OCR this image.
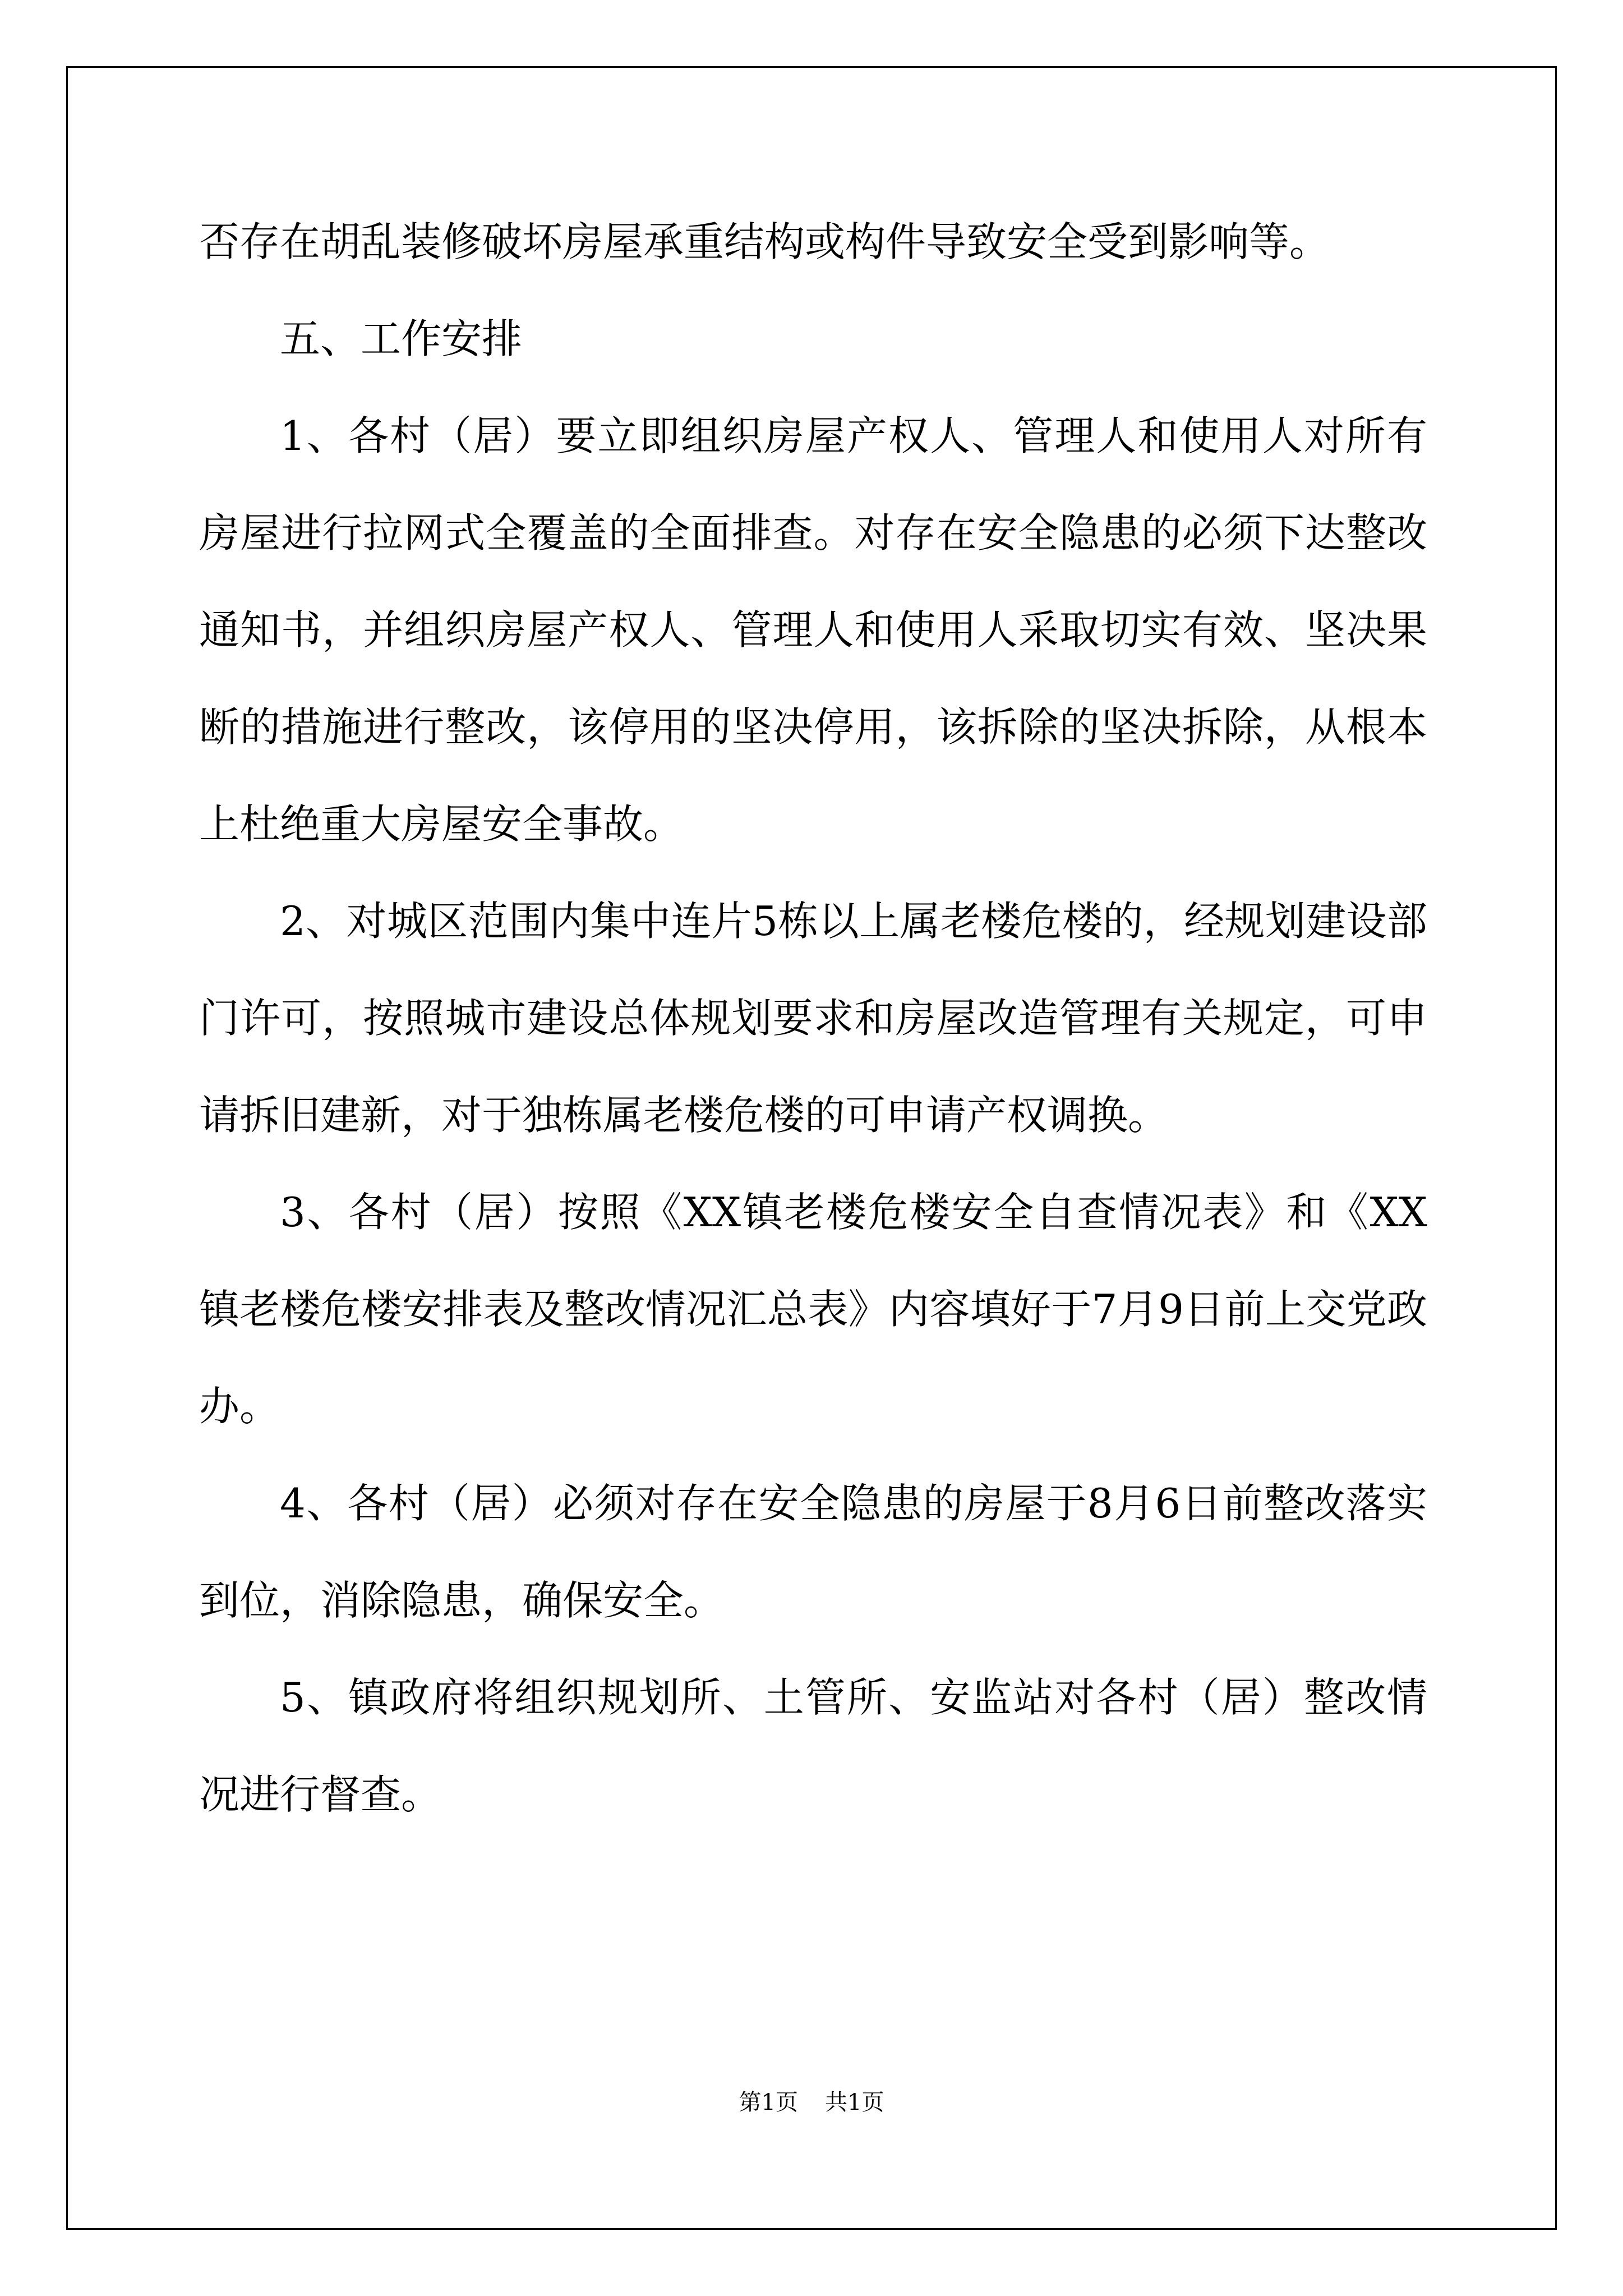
否存在胡乱装修破坏房屋承重结构或构件导致安全受到影响等。

五、工作安排

1、各村（居）要立即组织房屋产权人、管理人和使用人对所有房屋进行拉网式全覆盖的全面排查。对存在安全隐患的必须下达整改通知书，并组织房屋产权人、管理人和使用人采取切实有效、坚决果断的措施进行整改，该停用的坚决停用，该拆除的坚决拆除，从根本上杜绝重大房屋安全事故。

2、对城区范围内集中连片5栋以上属老楼危楼的，经规划建设部门许可，按照城市建设总体规划要求和房屋改造管理有关规定，可申请拆旧建新，对于独栋属老楼危楼的可申请产权调换。

3、各村（居）按照《XX镇老楼危楼安全自查情况表》和《XX镇老楼危楼安排表及整改情况汇总表》内容填好于7月9日前上交党政办。

4、各村（居）必须对存在安全隐患的房屋于8月6日前整改落实到位，消除隐患，确保安全。

5、镇政府将组织规划所、土管所、安监站对各村（居）整改情况进行督查。

第1页 共1页
